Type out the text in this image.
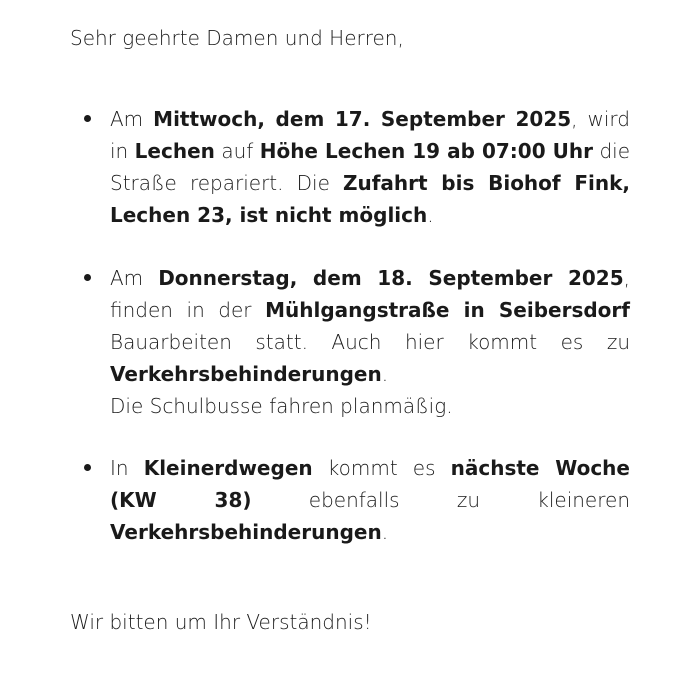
Sehr geehrte Damen und Herren,
Am Mittwoch, dem 17. September 2025, wird in Lechen auf Höhe Lechen 19 ab 07:00 Uhr die Straße repariert. Die Zufahrt bis Biohof Fink, Lechen 23, ist nicht möglich.
Am Donnerstag, dem 18. September 2025, finden in der Mühlgangstraße in Seibersdorf Bauarbeiten statt. Auch hier kommt es zu Verkehrsbehinderungen.
Die Schulbusse fahren planmäßig.
In Kleinerdwegen kommt es nächste Woche (KW 38) ebenfalls zu kleineren Verkehrsbehinderungen.
Wir bitten um Ihr Verständnis!
